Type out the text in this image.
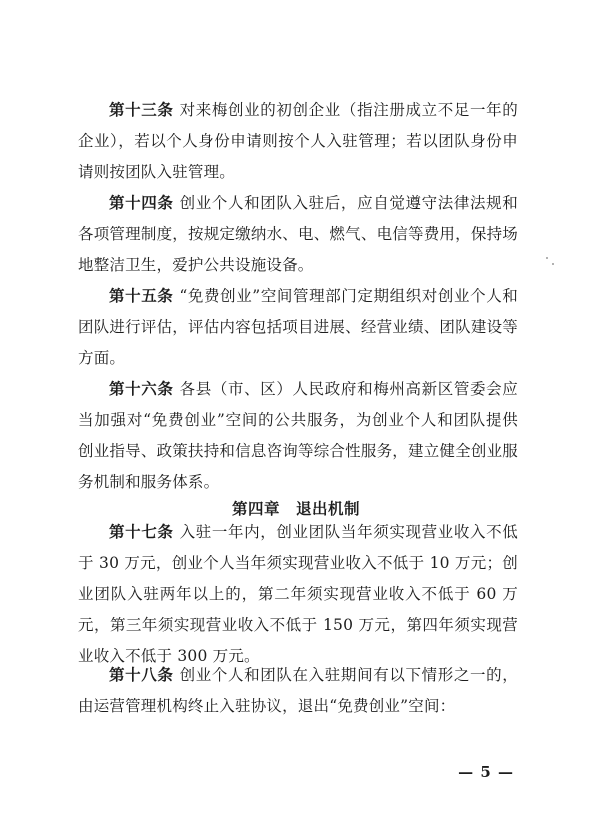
第十三条 对来梅创业的初创企业（指注册成立不足一年的企业），若以个人身份申请则按个人入驻管理；若以团队身份申请则按团队入驻管理。

第十四条 创业个人和团队入驻后，应自觉遵守法律法规和各项管理制度，按规定缴纳水、电、燃气、电信等费用，保持场地整洁卫生，爱护公共设施设备。

第十五条 “免费创业”空间管理部门定期组织对创业个人和团队进行评估，评估内容包括项目进展、经营业绩、团队建设等方面。

第十六条 各县（市、区）人民政府和梅州高新区管委会应当加强对“免费创业”空间的公共服务，为创业个人和团队提供创业指导、政策扶持和信息咨询等综合性服务，建立健全创业服务机制和服务体系。

第四章 退出机制

第十七条 入驻一年内，创业团队当年须实现营业收入不低于 30 万元，创业个人当年须实现营业收入不低于 10 万元；创业团队入驻两年以上的，第二年须实现营业收入不低于 60 万元，第三年须实现营业收入不低于 150 万元，第四年须实现营业收入不低于 300 万元。

第十八条 创业个人和团队在入驻期间有以下情形之一的，由运营管理机构终止入驻协议，退出“免费创业”空间：

— 5 —
